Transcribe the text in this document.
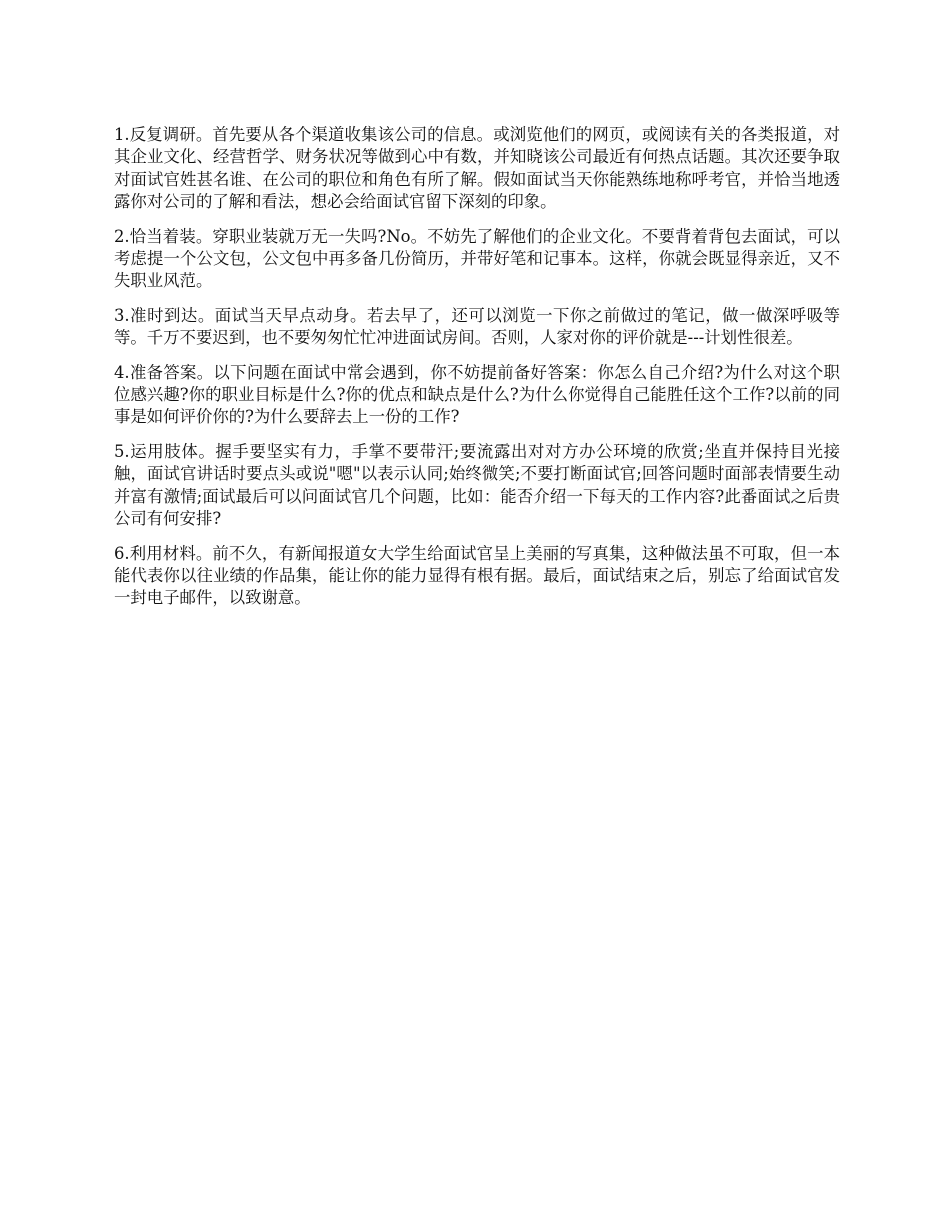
1.反复调研。首先要从各个渠道收集该公司的信息。或浏览他们的网页，或阅读有关的各类报道，对其企业文化、经营哲学、财务状况等做到心中有数，并知晓该公司最近有何热点话题。其次还要争取对面试官姓甚名谁、在公司的职位和角色有所了解。假如面试当天你能熟练地称呼考官，并恰当地透露你对公司的了解和看法，想必会给面试官留下深刻的印象。

2.恰当着装。穿职业装就万无一失吗?No。不妨先了解他们的企业文化。不要背着背包去面试，可以考虑提一个公文包，公文包中再多备几份简历，并带好笔和记事本。这样，你就会既显得亲近，又不失职业风范。

3.准时到达。面试当天早点动身。若去早了，还可以浏览一下你之前做过的笔记，做一做深呼吸等等。千万不要迟到，也不要匆匆忙忙冲进面试房间。否则，人家对你的评价就是---计划性很差。

4.准备答案。以下问题在面试中常会遇到，你不妨提前备好答案：你怎么自己介绍?为什么对这个职位感兴趣?你的职业目标是什么?你的优点和缺点是什么?为什么你觉得自己能胜任这个工作?以前的同事是如何评价你的?为什么要辞去上一份的工作?

5.运用肢体。握手要坚实有力，手掌不要带汗;要流露出对对方办公环境的欣赏;坐直并保持目光接触，面试官讲话时要点头或说"嗯"以表示认同;始终微笑;不要打断面试官;回答问题时面部表情要生动并富有激情;面试最后可以问面试官几个问题，比如：能否介绍一下每天的工作内容?此番面试之后贵公司有何安排?

6.利用材料。前不久，有新闻报道女大学生给面试官呈上美丽的写真集，这种做法虽不可取，但一本能代表你以往业绩的作品集，能让你的能力显得有根有据。最后，面试结束之后，别忘了给面试官发一封电子邮件，以致谢意。
